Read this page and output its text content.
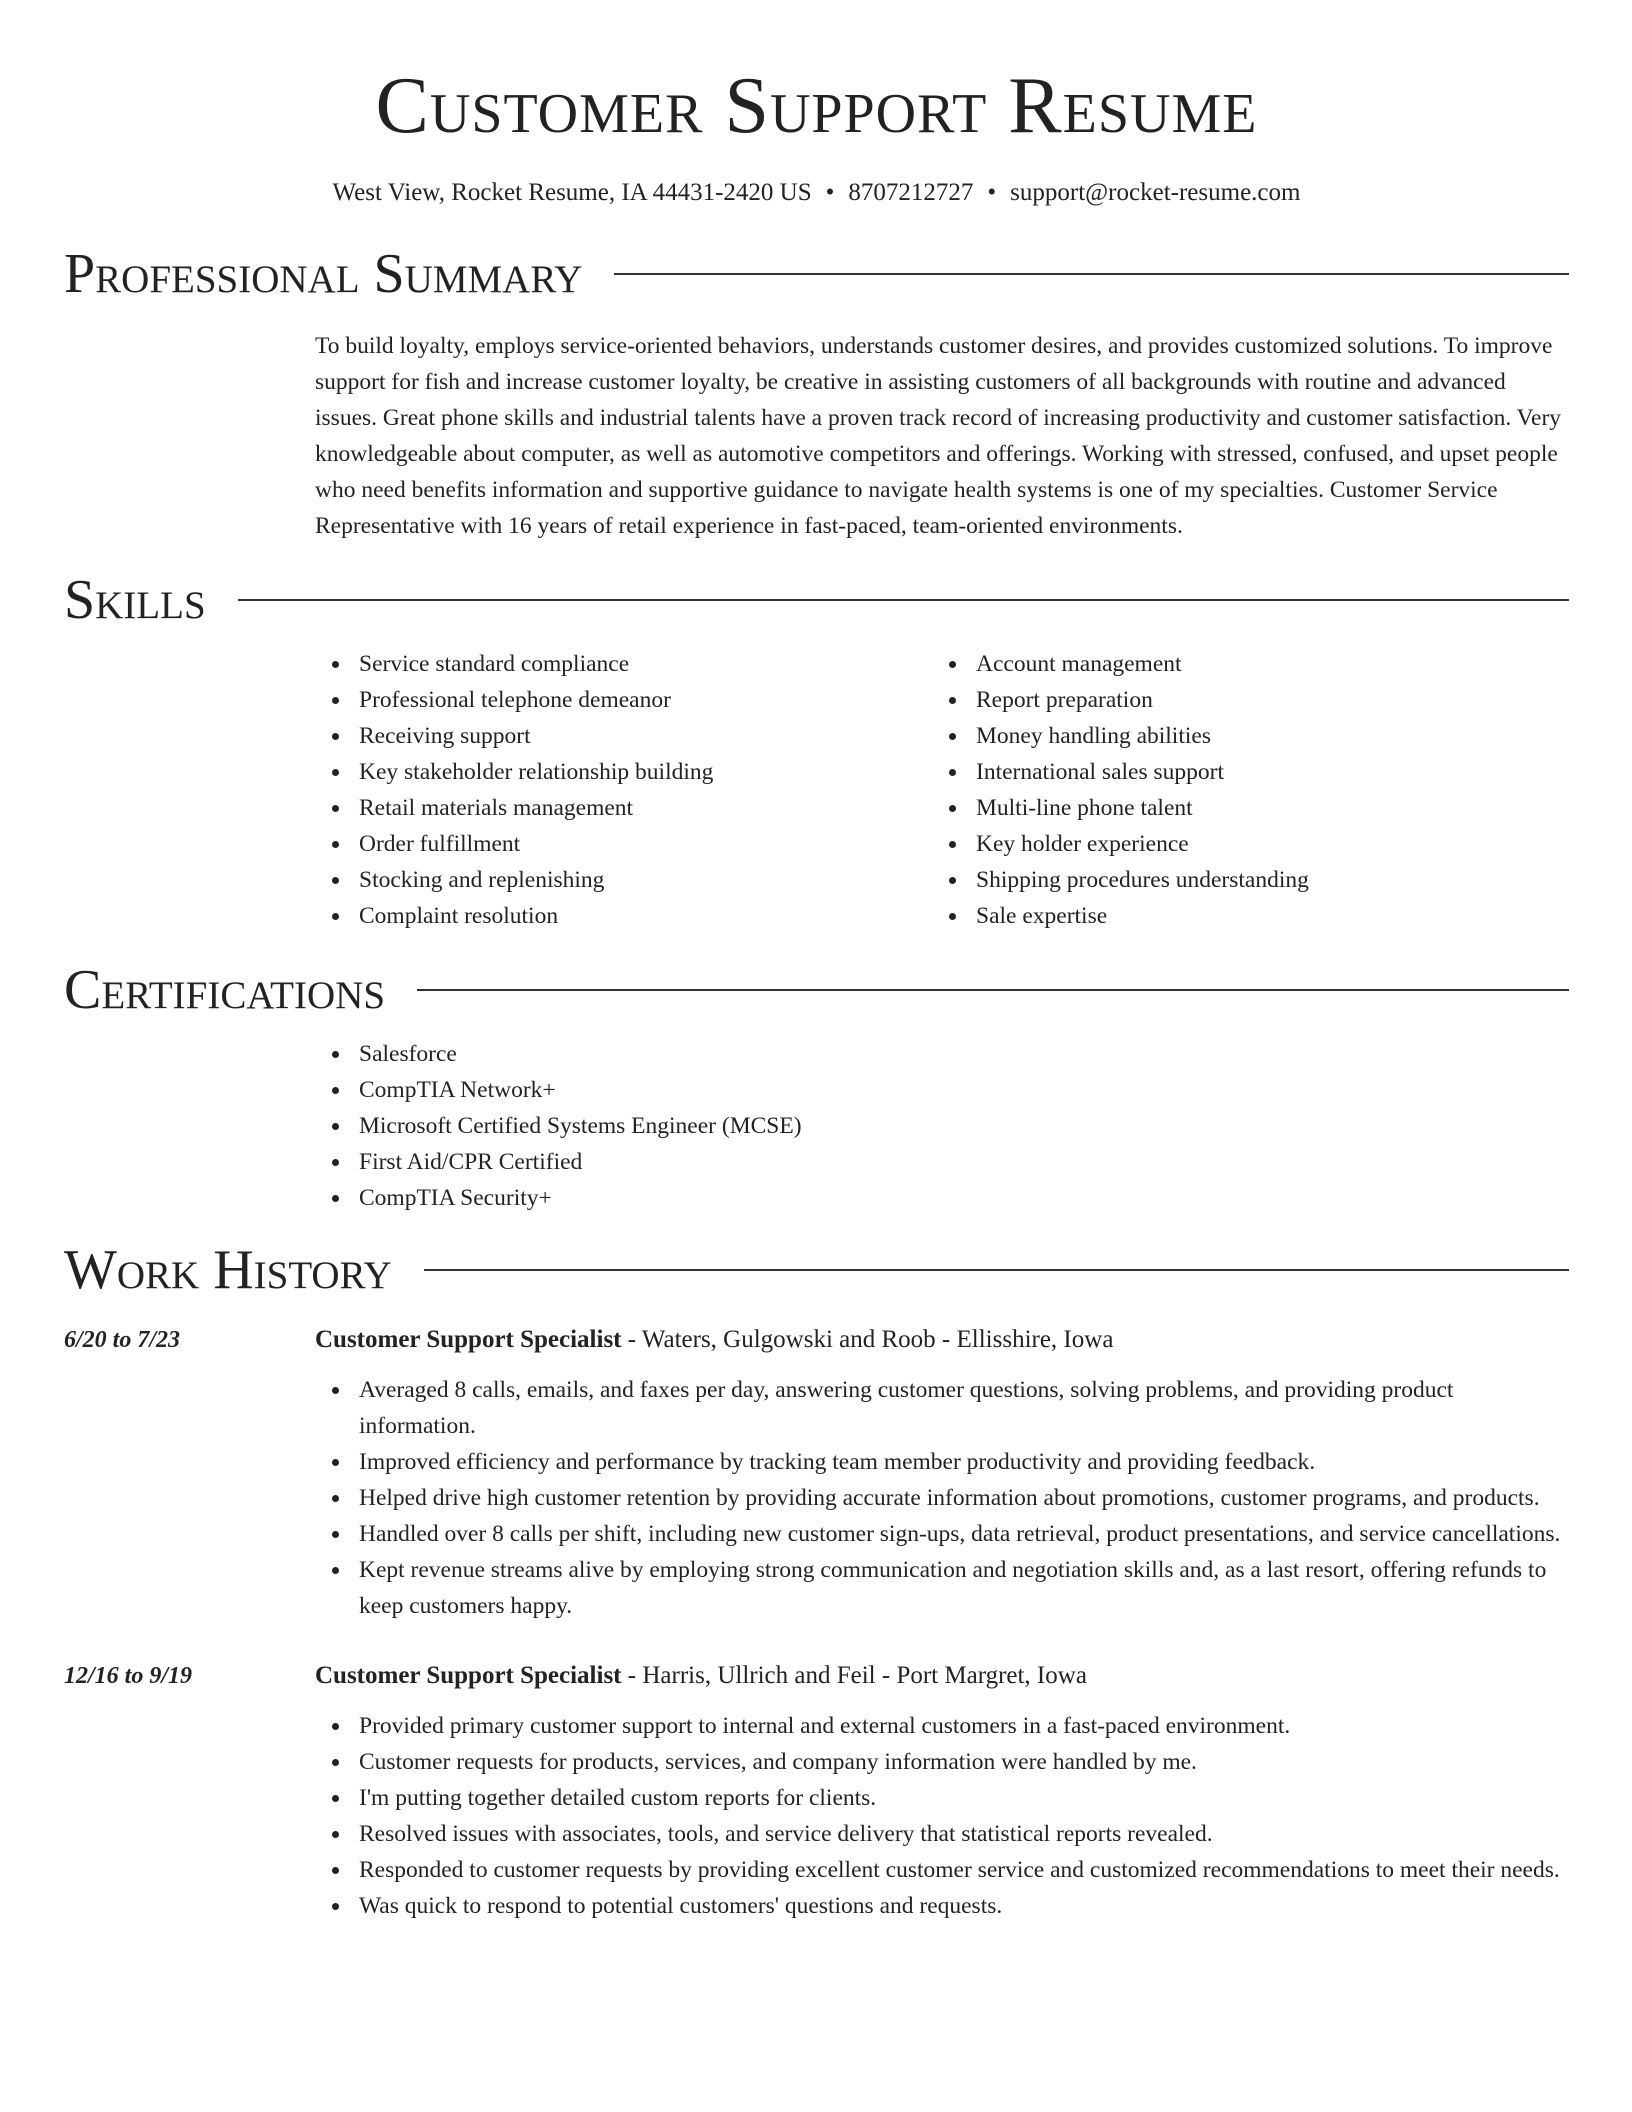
Customer Support Resume
West View, Rocket Resume, IA 44431-2420 US • 8707212727 • support@rocket-resume.com
Professional Summary
To build loyalty, employs service-oriented behaviors, understands customer desires, and provides customized solutions. To improve support for fish and increase customer loyalty, be creative in assisting customers of all backgrounds with routine and advanced issues. Great phone skills and industrial talents have a proven track record of increasing productivity and customer satisfaction. Very knowledgeable about computer, as well as automotive competitors and offerings. Working with stressed, confused, and upset people who need benefits information and supportive guidance to navigate health systems is one of my specialties. Customer Service Representative with 16 years of retail experience in fast-paced, team-oriented environments.
Skills
Service standard compliance
Professional telephone demeanor
Receiving support
Key stakeholder relationship building
Retail materials management
Order fulfillment
Stocking and replenishing
Complaint resolution
Account management
Report preparation
Money handling abilities
International sales support
Multi-line phone talent
Key holder experience
Shipping procedures understanding
Sale expertise
Certifications
Salesforce
CompTIA Network+
Microsoft Certified Systems Engineer (MCSE)
First Aid/CPR Certified
CompTIA Security+
Work History
6/20 to 7/23	Customer Support Specialist - Waters, Gulgowski and Roob - Ellisshire, Iowa
Averaged 8 calls, emails, and faxes per day, answering customer questions, solving problems, and providing product information.
Improved efficiency and performance by tracking team member productivity and providing feedback.
Helped drive high customer retention by providing accurate information about promotions, customer programs, and products.
Handled over 8 calls per shift, including new customer sign-ups, data retrieval, product presentations, and service cancellations.
Kept revenue streams alive by employing strong communication and negotiation skills and, as a last resort, offering refunds to keep customers happy.
12/16 to 9/19	Customer Support Specialist - Harris, Ullrich and Feil - Port Margret, Iowa
Provided primary customer support to internal and external customers in a fast-paced environment.
Customer requests for products, services, and company information were handled by me.
I'm putting together detailed custom reports for clients.
Resolved issues with associates, tools, and service delivery that statistical reports revealed.
Responded to customer requests by providing excellent customer service and customized recommendations to meet their needs.
Was quick to respond to potential customers' questions and requests.
